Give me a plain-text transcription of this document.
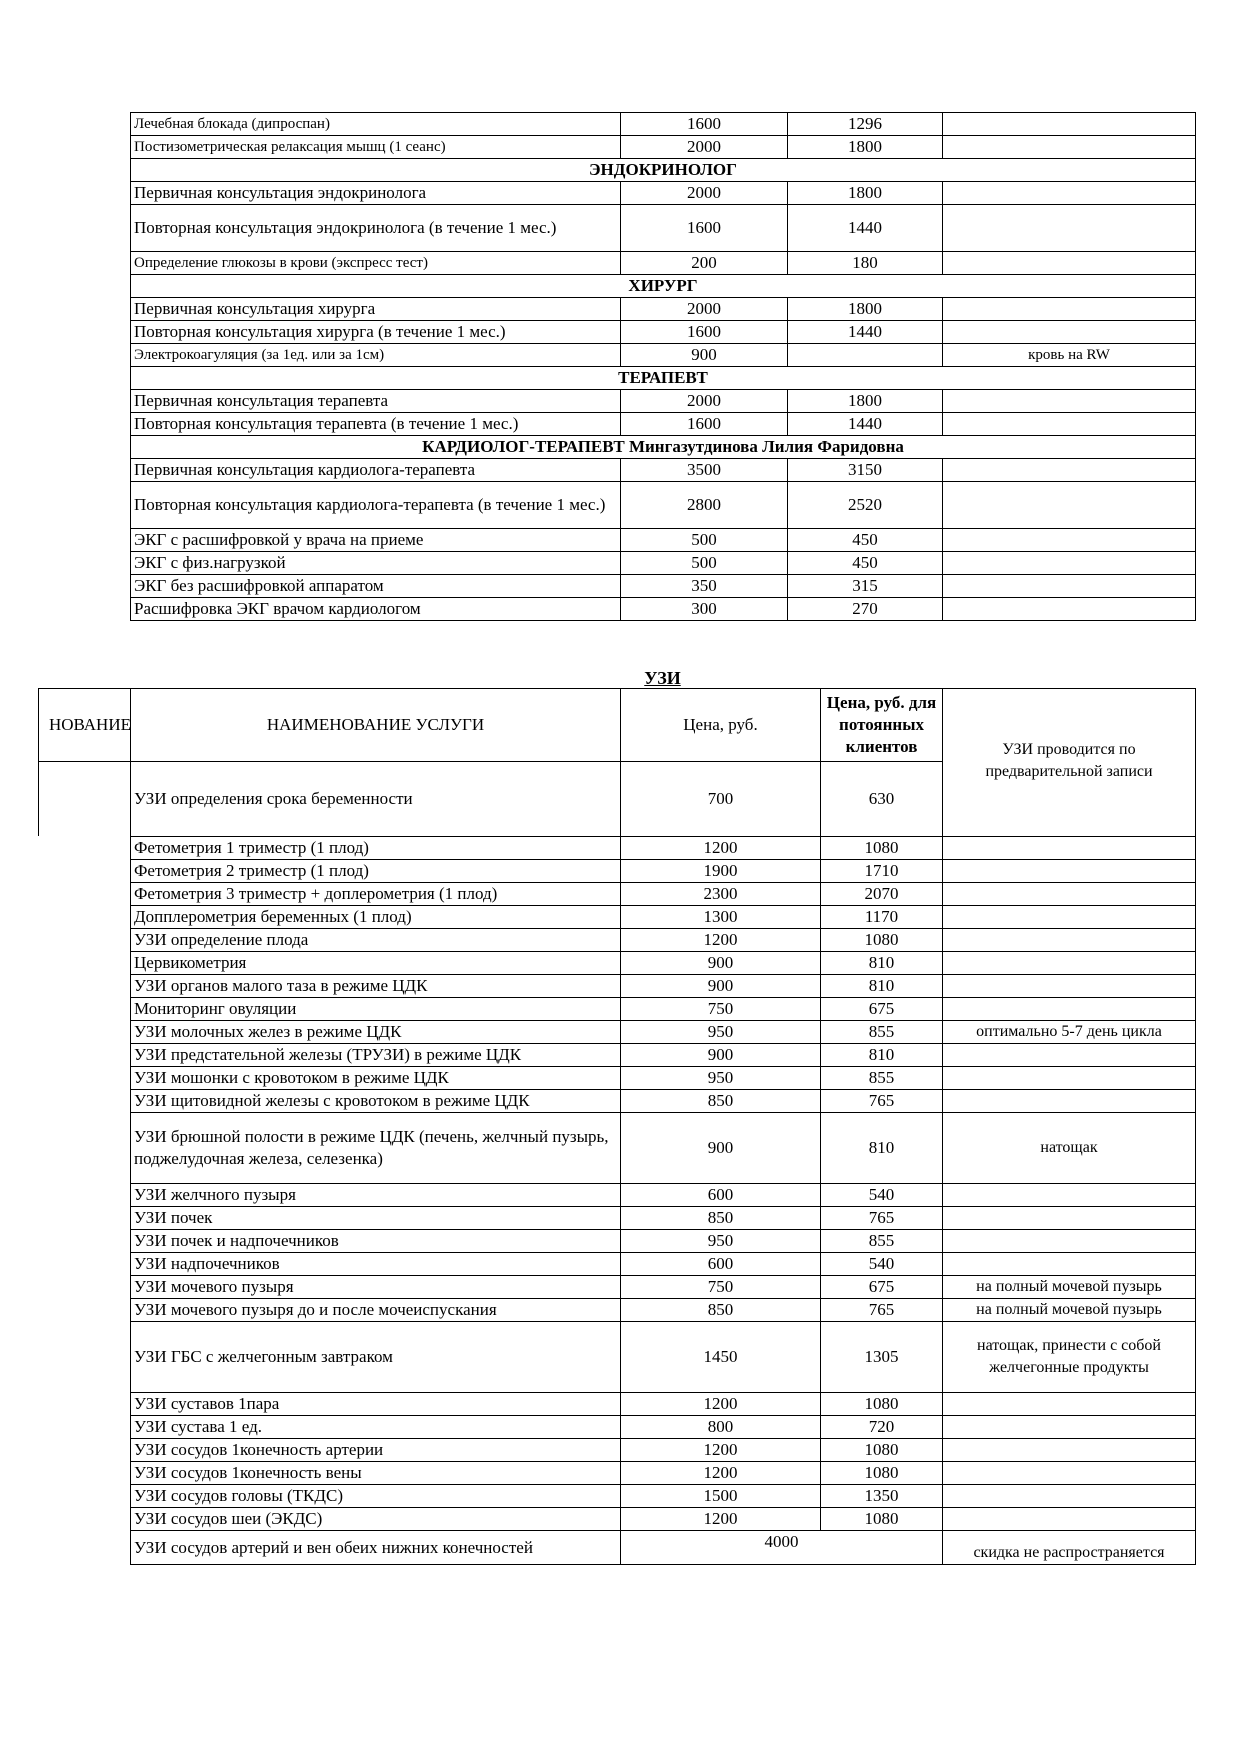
Лечебная блокада (дипроспан)	1600	1296	
Постизометрическая релаксация мышц (1 сеанс)	2000	1800	
ЭНДОКРИНОЛОГ			
Первичная консультация эндокринолога	2000	1800	
Повторная консультация эндокринолога (в течение 1 мес.)	1600	1440	
Определение глюкозы в крови (экспресс тест)	200	180	
ХИРУРГ			
Первичная консультация хирурга	2000	1800	
Повторная консультация хирурга (в течение 1 мес.)	1600	1440	
Электрокоагуляция (за 1ед. или за 1см)	900		кровь на RW
ТЕРАПЕВТ			
Первичная консультация терапевта	2000	1800	
Повторная консультация терапевта (в течение 1 мес.)	1600	1440	
КАРДИОЛОГ-ТЕРАПЕВТ Мингазутдинова Лилия Фаридовна			
Первичная консультация кардиолога-терапевта	3500	3150	
Повторная консультация кардиолога-терапевта (в течение 1 мес.)	2800	2520	
ЭКГ с расшифровкой у врача на приеме	500	450	
ЭКГ с физ.нагрузкой	500	450	
ЭКГ без расшифровкой аппаратом	350	315	
Расшифровка ЭКГ врачом кардиологом	300	270	
УЗИ
НОВАНИЕ	НАИМЕНОВАНИЕ УСЛУГИ	Цена, руб.	Цена, руб. для потоянных клиентов	УЗИ проводится по предварительной записи
УЗИ определения срока беременности	700	630	
Фетометрия 1 триместр (1 плод)	1200	1080	
Фетометрия 2 триместр (1 плод)	1900	1710	
Фетометрия 3 триместр + доплерометрия (1 плод)	2300	2070	
Допплерометрия беременных (1 плод)	1300	1170	
УЗИ определение плода	1200	1080	
Цервикометрия	900	810	
УЗИ органов малого таза в режиме ЦДК	900	810	
Мониторинг овуляции	750	675	
УЗИ молочных желез в режиме ЦДК	950	855	оптимально 5-7 день цикла
УЗИ предстательной железы (ТРУЗИ) в режиме ЦДК	900	810	
УЗИ мошонки с кровотоком в режиме ЦДК	950	855	
УЗИ щитовидной железы с кровотоком в режиме ЦДК	850	765	
УЗИ брюшной полости в режиме ЦДК (печень, желчный пузырь, поджелудочная железа, селезенка)	900	810	натощак
УЗИ желчного пузыря	600	540	
УЗИ почек	850	765	
УЗИ почек и надпочечников	950	855	
УЗИ надпочечников	600	540	
УЗИ мочевого пузыря	750	675	на полный мочевой пузырь
УЗИ мочевого пузыря до и после мочеиспускания	850	765	на полный мочевой пузырь
УЗИ ГБС с желчегонным завтраком	1450	1305	натощак, принести с собой желчегонные продукты
УЗИ суставов 1пара	1200	1080	
УЗИ сустава 1 ед.	800	720	
УЗИ сосудов 1конечность артерии	1200	1080	
УЗИ сосудов 1конечность вены	1200	1080	
УЗИ сосудов головы (ТКДС)	1500	1350	
УЗИ сосудов шеи (ЭКДС)	1200	1080	
УЗИ сосудов артерий и вен обеих нижних конечностей	4000		скидка не распространяется
